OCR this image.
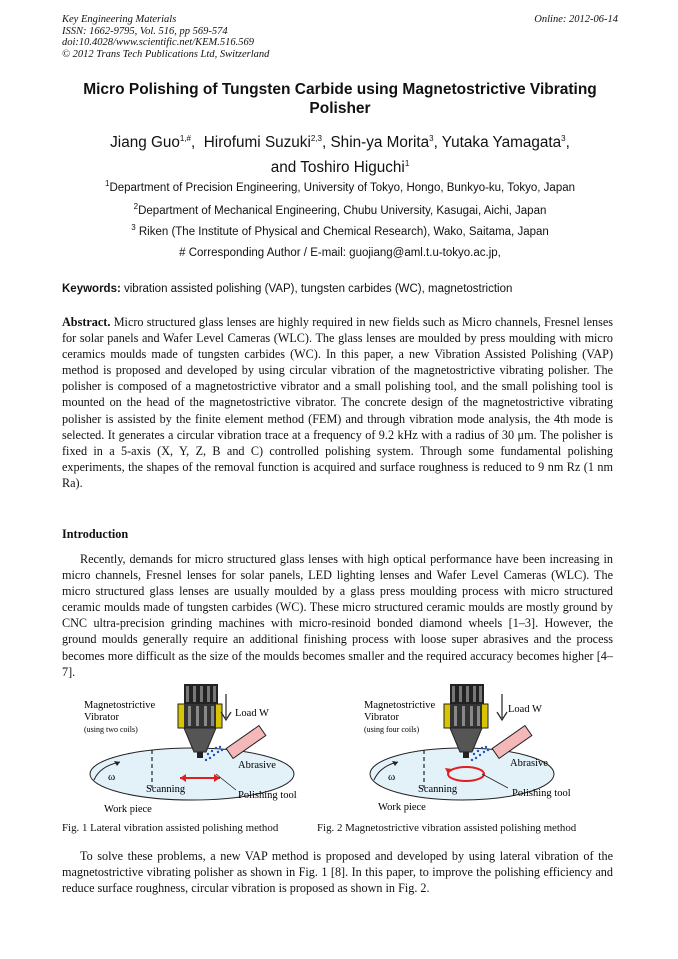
Key Engineering Materials
ISSN: 1662-9795, Vol. 516, pp 569-574
doi:10.4028/www.scientific.net/KEM.516.569
© 2012 Trans Tech Publications Ltd, Switzerland
Online: 2012-06-14
Micro Polishing of Tungsten Carbide using Magnetostrictive Vibrating Polisher
Jiang Guo$^{1,\#}$,  Hirofumi Suzuki$^{2,3}$, Shin-ya Morita$^3$, Yutaka Yamagata$^3$,
and Toshiro Higuchi$^1$
$^1$Department of Precision Engineering, University of Tokyo, Hongo, Bunkyo-ku, Tokyo, Japan
$^2$Department of Mechanical Engineering, Chubu University, Kasugai, Aichi, Japan
$^3$ Riken (The Institute of Physical and Chemical Research), Wako, Saitama, Japan
# Corresponding Author / E-mail: guojiang@aml.t.u-tokyo.ac.jp,
Keywords: vibration assisted polishing (VAP), tungsten carbides (WC), magnetostriction
Abstract. Micro structured glass lenses are highly required in new fields such as Micro channels, Fresnel lenses for solar panels and Wafer Level Cameras (WLC). The glass lenses are moulded by press moulding with micro ceramics moulds made of tungsten carbides (WC). In this paper, a new Vibration Assisted Polishing (VAP) method is proposed and developed by using circular vibration of the magnetostrictive vibrating polisher. The polisher is composed of a magnetostrictive vibrator and a small polishing tool, and the small polishing tool is mounted on the head of the magnetostrictive vibrator. The concrete design of the magnetostrictive vibrating polisher is assisted by the finite element method (FEM) and through vibration mode analysis, the 4th mode is selected. It generates a circular vibration trace at a frequency of 9.2 kHz with a radius of 30 μm. The polisher is fixed in a 5-axis (X, Y, Z, B and C) controlled polishing system. Through some fundamental polishing experiments, the shapes of the removal function is acquired and surface roughness is reduced to 9 nm Rz (1 nm Ra).
Introduction
Recently, demands for micro structured glass lenses with high optical performance have been increasing in micro channels, Fresnel lenses for solar panels, LED lighting lenses and Wafer Level Cameras (WLC). The micro structured glass lenses are usually moulded by a glass press moulding process with micro structured ceramic moulds made of tungsten carbides (WC). These micro structured ceramic moulds are mostly ground by CNC ultra-precision grinding machines with micro-resinoid bonded diamond wheels [1–3]. However, the ground moulds generally require an additional finishing process with loose super abrasives and the process becomes more difficult as the size of the moulds becomes smaller and the required accuracy becomes higher [4–7].
Magnetostrictive
Vibrator
(using two coils)
Load W
Abrasive
ω
Scanning
Polishing tool
Work piece
Magnetostrictive
Vibrator
(using four coils)
Load W
Abrasive
ω
Scanning	Polishing tool
Work piece
Fig. 1 Lateral vibration assisted polishing method	Fig. 2 Magnetostrictive vibration assisted polishing method
To solve these problems, a new VAP method is proposed and developed by using lateral vibration of the magnetostrictive vibrating polisher as shown in Fig. 1 [8]. In this paper, to improve the polishing efficiency and reduce surface roughness, circular vibration is proposed as shown in Fig. 2.
